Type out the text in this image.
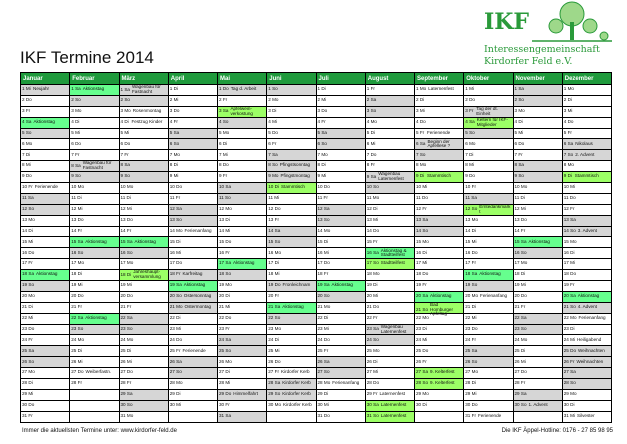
IKF Termine 2014
IKF
Interessengemeinschaft
Kirdorfer Feld e.V.
Januar	Februar	März	April	Mai	Juni	Juli	August	September	Oktober	November	Dezember

1 Mi Neujahr	1 Sa Aktionstag	1 Sa Wagenbau für Fastnacht	1 Di	1 Do Tag d. Arbeit	1 So	1 Di	1 Fr	1 Mo Laternenfest	1 Mi	1 Sa	1 Mo

2 Do	2 So	2 So	2 Mi	2 Fr	2 Mo	2 Mi	2 Sa	2 Di	2 Do	2 So	2 Di

3 Fr	3 Mo	3 Mo Rosenmontag	3 Do	3 Sa Apfelwein-verkostung	3 Di	3 Do	3 So	3 Mi	3 Fr Tag der dt. Einheit	3 Mo	3 Mi

4 Sa Aktionstag	4 Di	4 Di Festzug Kinder	4 Fr	4 So	4 Mi	4 Fr	4 Mo	4 Do	4 Sa Keltern für IKF-Mitglieder	4 Di	4 Do

5 So	5 Mi	5 Mi	5 Sa	5 Mo	5 Do	5 Sa	5 Di	5 Fr Ferienende	5 So	5 Mi	5 Fr

6 Mo	6 Do	6 Do	6 So	6 Di	6 Fr	6 So	6 Mi	6 Sa Beginn der Apfellese ?	6 Mo	6 Do	6 Sa Nikolaus

7 Di	7 Fr	7 Fr	7 Mo	7 Mi	7 Sa	7 Mo	7 Do	7 So	7 Di	7 Fr	7 So 2. Advent

8 Mi	8 Sa Wagenbau für Fastnacht	8 Sa	8 Di	8 Do	8 So Pfingstsonntag	8 Di	8 Fr	8 Mo	8 Mi	8 Sa	8 Mo

9 Do	9 So	9 So	9 Mi	9 Fr	9 Mo Pfingstmontag	9 Mi	9 Sa Wagenbau Laternenfest	9 Di Stammtisch	9 Do	9 So	9 Di Stammtisch

10 Fr Ferienende	10 Mo	10 Mo	10 Do	10 Sa	10 Di Stammtisch	10 Do	10 So	10 Mi	10 Fr	10 Mo	10 Mi

11 Sa	11 Di	11 Di	11 Fr	11 So	11 Mi	11 Fr	11 Mo	11 Do	11 Sa	11 Di	11 Do

12 So	12 Mi	12 Mi	12 Sa	12 Mo	12 Do	12 Sa	12 Di	12 Fr	12 So Erntedankmarkt	12 Mi	12 Fr

13 Mo	13 Do	13 Do	13 So	13 Di	13 Fr	13 So	13 Mi	13 Sa	13 Mo	13 Do	13 Sa

14 Di	14 Fr	14 Fr	14 Mo Ferienanfang	14 Mi	14 Sa	14 Mo	14 Do	14 So	14 Di	14 Fr	14 So 3. Advent

15 Mi	15 Sa Aktionstag	15 Sa Aktionstag	15 Di	15 Do	15 So	15 Di	15 Fr	15 Mo	15 Mi	15 Sa Aktionstag	15 Mo

16 Do	16 So	16 So	16 Mi	16 Fr	16 Mo	16 Mi	16 Sa Aktionstag & Stadtteilfest	16 Di	16 Do	16 So	16 Di

17 Fr	17 Mo	17 Mo	17 Do	17 Sa Aktionstag	17 Di	17 Do	17 So Stadtteilfest	17 Mi	17 Fr	17 Mo	17 Mi

18 Sa Aktionstag	18 Di	18 Di Jahreshaupt-versammlung	18 Fr Karfreitag	18 So	18 Mi	18 Fr	18 Mo	18 Do	18 Sa Aktionstag	18 Di	18 Do

19 So	19 Mi	19 Mi	19 Sa Aktionstag	19 Mo	19 Do Fronleichnam	19 Sa Aktionstag	19 Di	19 Fr	19 So	19 Mi	19 Fr

20 Mo	20 Do	20 Do	20 So Ostersonntag	20 Di	20 Fr	20 So	20 Mi	20 Sa Aktionstag	20 Mo Ferienanfang	20 Do	20 Sa Aktionstag

21 Di	21 Fr	21 Fr	21 Mo Ostermontag	21 Mi	21 Sa Aktionstag	21 Mo	21 Do	21 SoBad Homburger Apfeltag	21 Di	21 Fr	21 So 4. Advent

22 Mi	22 Sa Aktionstag	22 Sa	22 Di	22 Do	22 So	22 Di	22 Fr	22 Mo	22 Mi	22 Sa	22 Mo Ferienanfang

23 Do	23 So	23 So	23 Mi	23 Fr	23 Mo	23 Mi	23 Sa Wagenbau Laternenfest	23 Di	23 Do	23 So	23 Di

24 Fr	24 Mo	24 Mo	24 Do	24 Sa	24 Di	24 Do	24 So	24 Mi	24 Fr	24 Mo	24 Mi Heiligabend

25 Sa	25 Di	25 Di	25 Fr Ferienende	25 So	25 Mi	25 Fr	25 Mo	25 Do	25 Sa	25 Di	25 Do Weihnachten

26 So	26 Mi	26 Mi	26 Sa	26 Mo	26 Do	26 Sa	26 Di	26 Fr	26 So	26 Mi	26 Fr Weihnachten

27 Mo	27 Do Weiberfastn.	27 Do	27 So	27 Di	27 Fr Kirdorfer Kerb	27 So	27 Mi	27 Sa 9. Kelterfest	27 Mo	27 Do	27 Sa

28 Di	28 Fr	28 Fr	28 Mo	28 Mi	28 Sa Kirdorfer Kerb	28 Mo Ferienanfang	28 Do	28 So 9. Kelterfest	28 Di	28 Fr	28 So

29 Mi		29 Sa	29 Di	29 Do Himmelfahrt	29 So Kirdorfer Kerb	29 Di	29 Fr Laternenfest	29 Mo	29 Mi	29 Sa	29 Mo

30 Do		30 So	30 Mi	30 Fr	30 Mo Kirdorfer Kerb	30 Mi	30 Sa Laternenfest	30 Di	30 Do	30 So 1. Advent	30 Di

31 Fr		31 Mo		31 Sa		31 Do	31 So Laternenfest		31 Fr Ferienende		31 Mi Silvester
Immer die aktuellsten Termine unter: www.kirdorfer-feld.de	Die IKF Äppel-Hotline: 0176 - 27 85 98 95
